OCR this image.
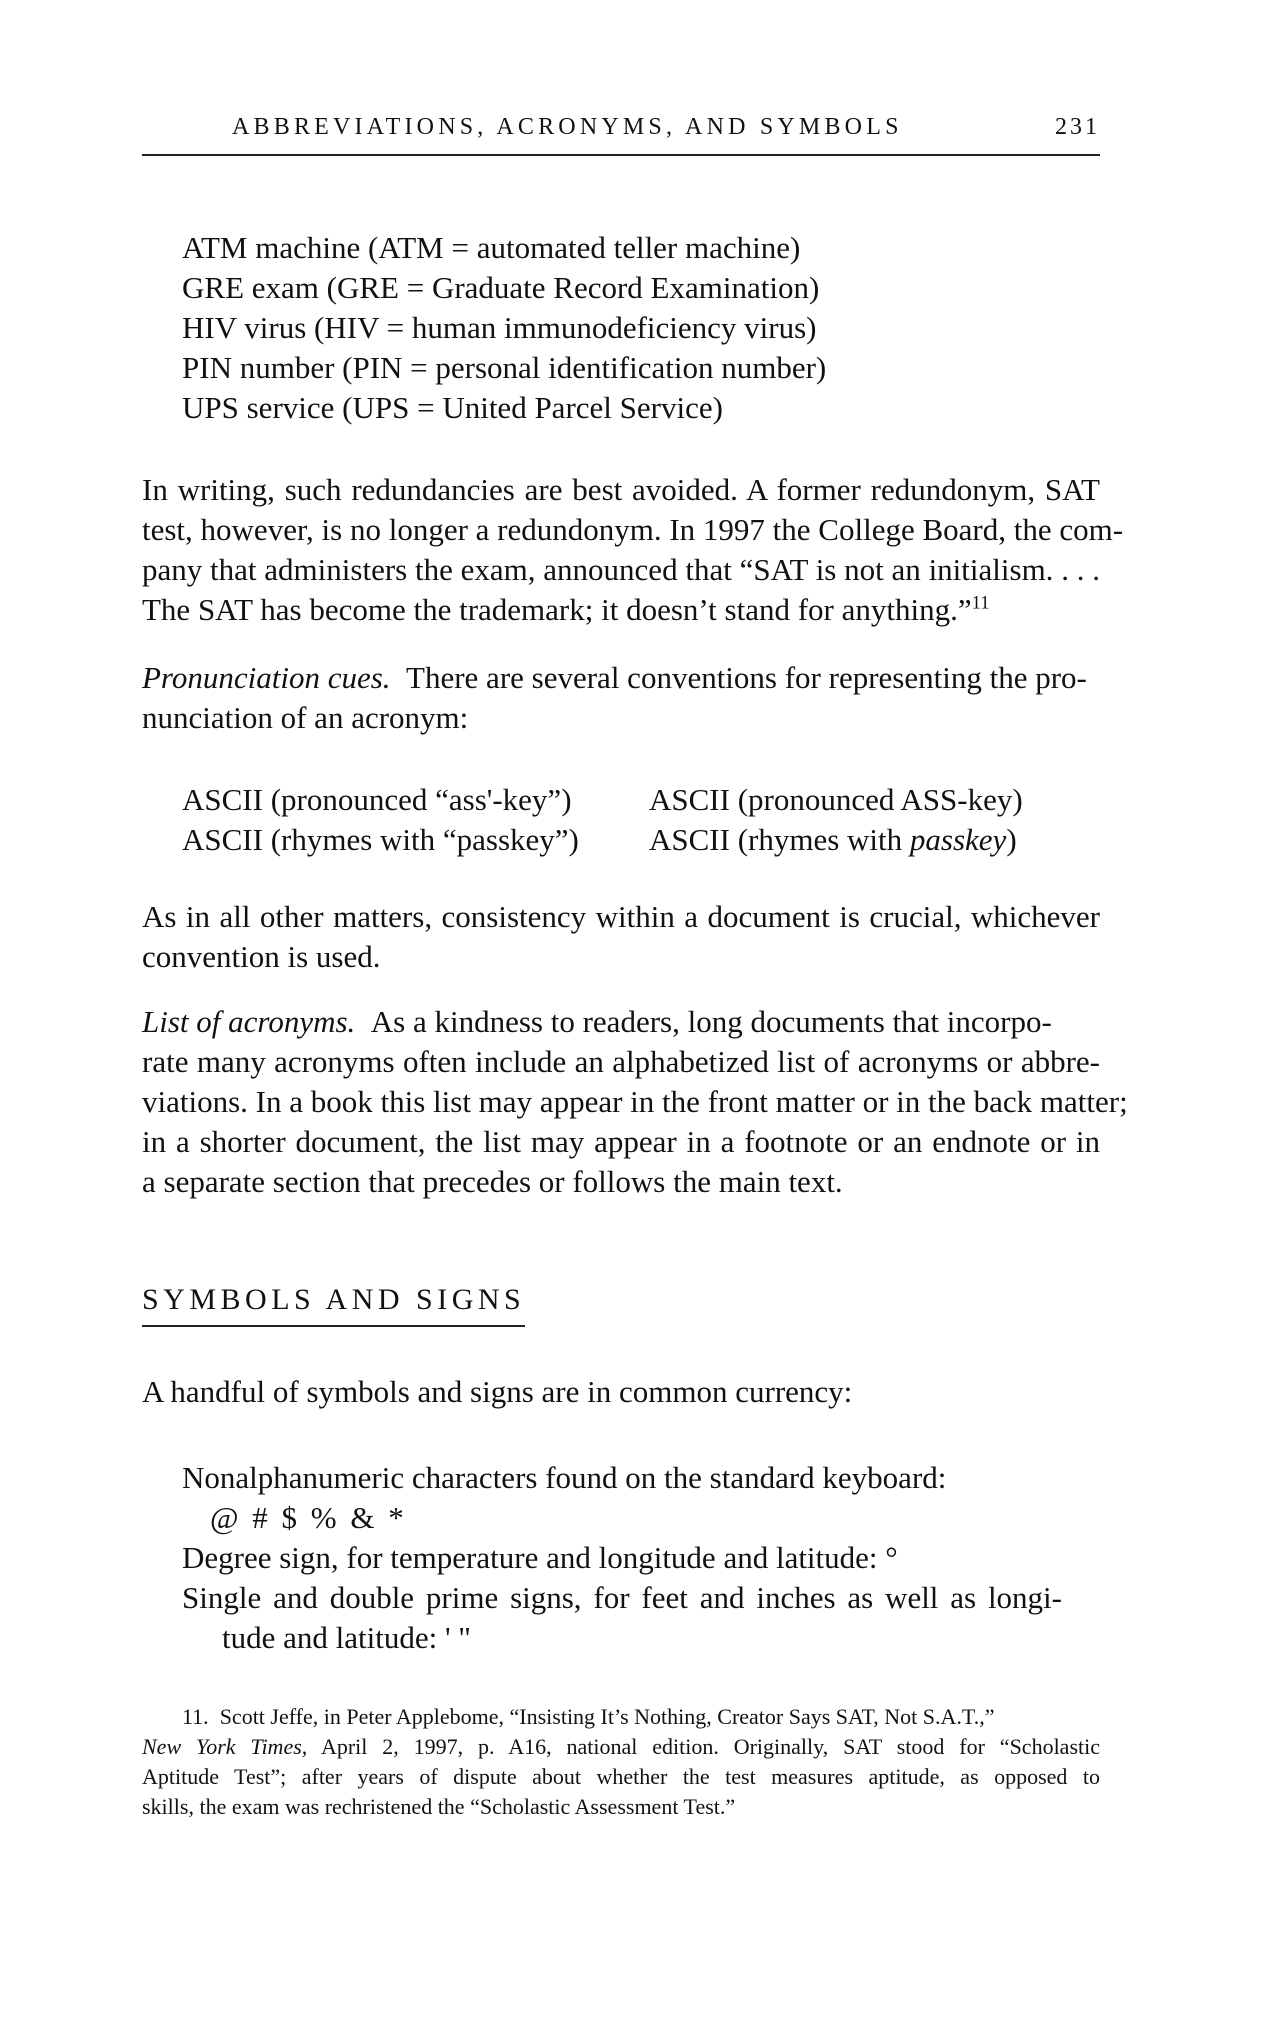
ABBREVIATIONS, ACRONYMS, AND SYMBOLS	231
ATM machine (ATM = automated teller machine)
GRE exam (GRE = Graduate Record Examination)
HIV virus (HIV = human immunodeficiency virus)
PIN number (PIN = personal identification number)
UPS service (UPS = United Parcel Service)
In writing, such redundancies are best avoided. A former redundonym, SAT
test, however, is no longer a redundonym. In 1997 the College Board, the com-
pany that administers the exam, announced that “SAT is not an initialism. . . .
The SAT has become the trademark; it doesn’t stand for anything.”$^{11}$
Pronunciation cues. There are several conventions for representing the pro-
nunciation of an acronym:
ASCII (pronounced “ass'-key”) ASCII (pronounced ASS-key)
ASCII (rhymes with “passkey”) ASCII (rhymes with passkey)
As in all other matters, consistency within a document is crucial, whichever
convention is used.
List of acronyms. As a kindness to readers, long documents that incorpo-
rate many acronyms often include an alphabetized list of acronyms or abbre-
viations. In a book this list may appear in the front matter or in the back matter;
in a shorter document, the list may appear in a footnote or an endnote or in
a separate section that precedes or follows the main text.
SYMBOLS AND SIGNS
A handful of symbols and signs are in common currency:
Nonalphanumeric characters found on the standard keyboard:
@ # $ % & *
Degree sign, for temperature and longitude and latitude: °
Single and double prime signs, for feet and inches as well as longi-
tude and latitude: ' "
11. Scott Jeffe, in Peter Applebome, “Insisting It’s Nothing, Creator Says SAT, Not S.A.T.,”
New York Times, April 2, 1997, p. A16, national edition. Originally, SAT stood for “Scholastic
Aptitude Test”; after years of dispute about whether the test measures aptitude, as opposed to
skills, the exam was rechristened the “Scholastic Assessment Test.”
